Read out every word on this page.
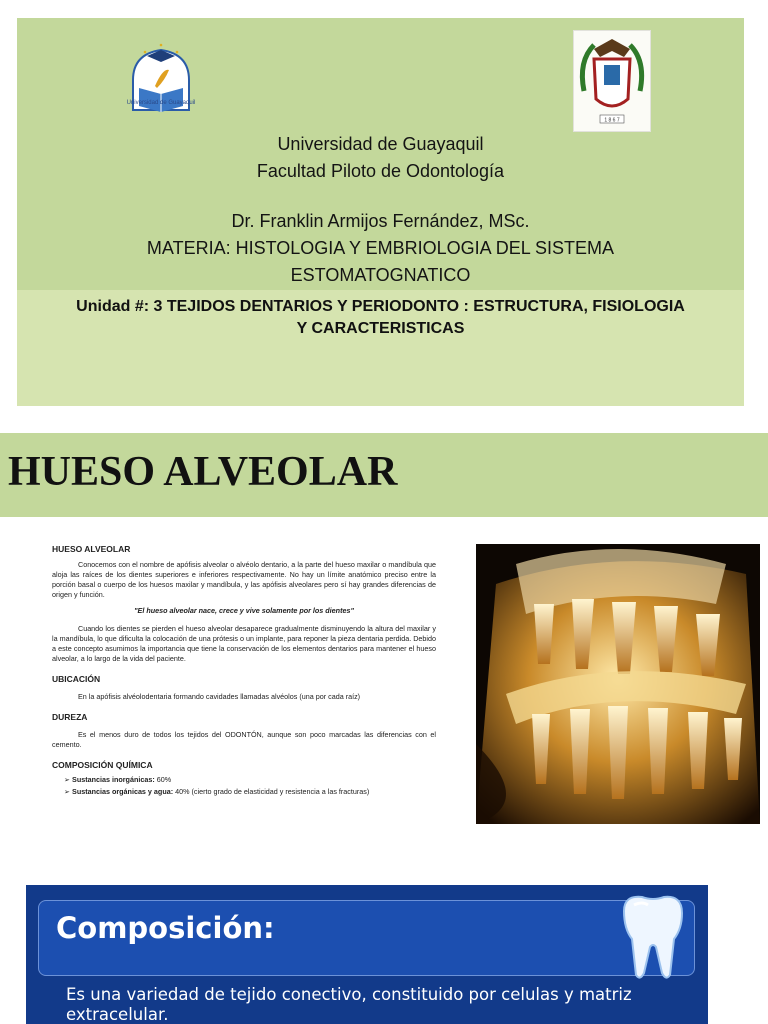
Universidad de Guayaquil
1 8 6 7
Universidad de Guayaquil
Facultad Piloto de Odontología
Dr. Franklin Armijos Fernández, MSc.
MATERIA: HISTOLOGIA Y EMBRIOLOGIA DEL SISTEMA
ESTOMATOGNATICO
Unidad #: 3 TEJIDOS DENTARIOS Y PERIODONTO : ESTRUCTURA, FISIOLOGIA
Y CARACTERISTICAS
HUESO ALVEOLAR
HUESO ALVEOLAR

Conocemos con el nombre de apófisis alveolar o alvéolo dentario, a la parte del hueso maxilar o mandíbula que aloja las raíces de los dientes superiores e inferiores respectivamente. No hay un límite anatómico preciso entre la porción basal o cuerpo de los huesos maxilar y mandíbula, y las apófisis alveolares pero sí hay grandes diferencias de origen y función.

"El hueso alveolar nace, crece y vive solamente por los dientes"

Cuando los dientes se pierden el hueso alveolar desaparece gradualmente disminuyendo la altura del maxilar y la mandíbula, lo que dificulta la colocación de una prótesis o un implante, para reponer la pieza dentaria perdida. Debido a este concepto asumimos la importancia que tiene la conservación de los elementos dentarios para mantener el hueso alveolar, a lo largo de la vida del paciente.

UBICACIÓN

En la apófisis alvéolodentaria formando cavidades llamadas alvéolos (una por cada raíz)

DUREZA

Es el menos duro de todos los tejidos del ODONTÓN, aunque son poco marcadas las diferencias con el cemento.

COMPOSICIÓN QUÍMICA
➢ Sustancias inorgánicas: 60%
➢ Sustancias orgánicas y agua: 40% (cierto grado de elasticidad y resistencia a las fracturas)
Composición:
Es una variedad de tejido conectivo, constituido por celulas y matriz extracelular.
